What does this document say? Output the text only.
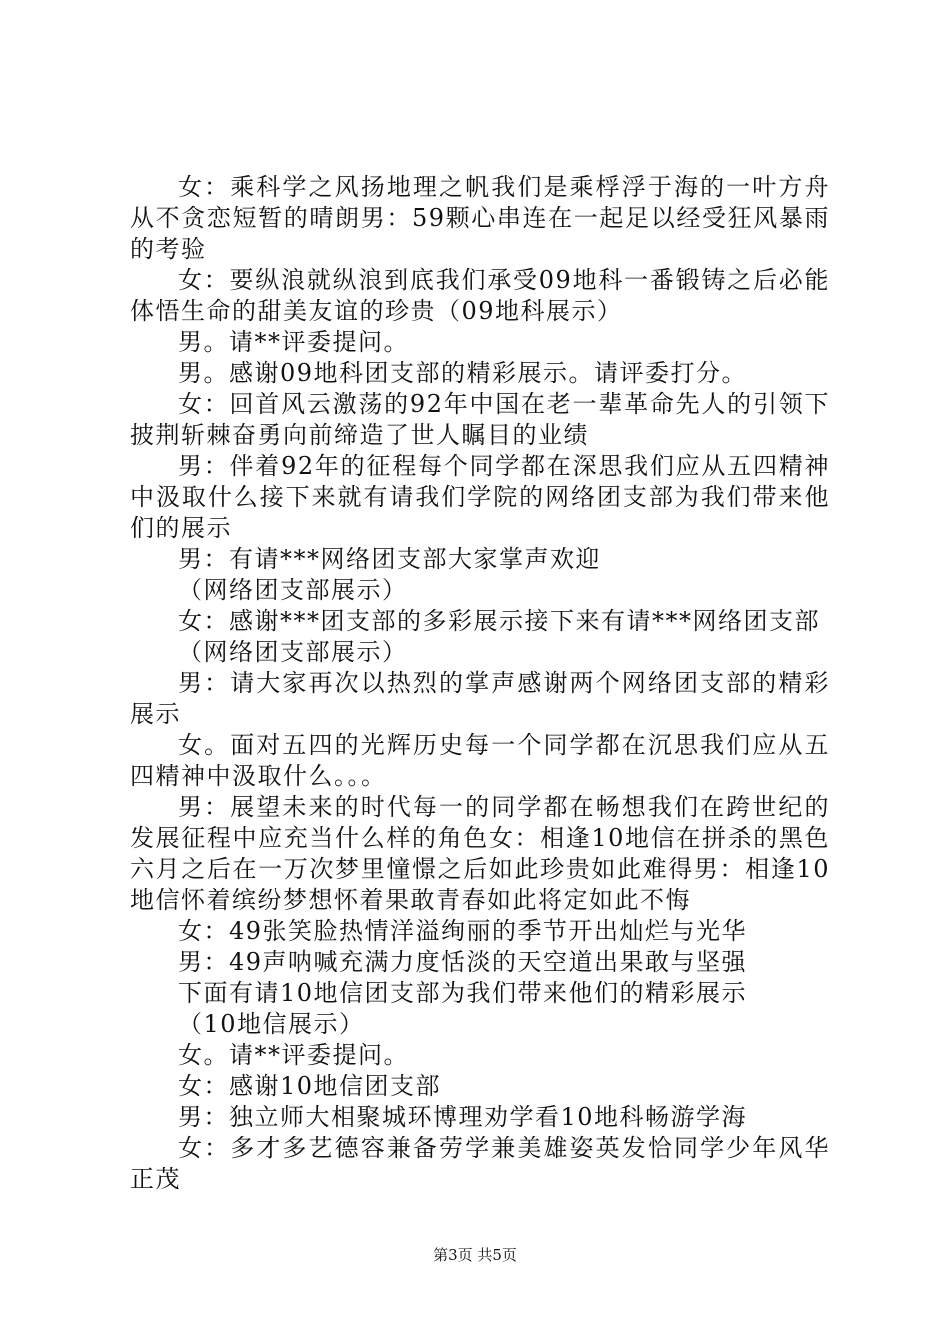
女：乘科学之风扬地理之帆我们是乘桴浮于海的一叶方舟从不贪恋短暂的晴朗男：59颗心串连在一起足以经受狂风暴雨的考验

女：要纵浪就纵浪到底我们承受09地科一番锻铸之后必能体悟生命的甜美友谊的珍贵（09地科展示）

男。请**评委提问。

男。感谢09地科团支部的精彩展示。请评委打分。

女：回首风云激荡的92年中国在老一辈革命先人的引领下披荆斩棘奋勇向前缔造了世人瞩目的业绩

男：伴着92年的征程每个同学都在深思我们应从五四精神中汲取什么接下来就有请我们学院的网络团支部为我们带来他们的展示

男：有请***网络团支部大家掌声欢迎

（网络团支部展示）

女：感谢***团支部的多彩展示接下来有请***网络团支部

（网络团支部展示）

男：请大家再次以热烈的掌声感谢两个网络团支部的精彩展示

女。面对五四的光辉历史每一个同学都在沉思我们应从五四精神中汲取什么。。。

男：展望未来的时代每一的同学都在畅想我们在跨世纪的发展征程中应充当什么样的角色女：相逢10地信在拼杀的黑色六月之后在一万次梦里憧憬之后如此珍贵如此难得男：相逢10地信怀着缤纷梦想怀着果敢青春如此将定如此不悔

女：49张笑脸热情洋溢绚丽的季节开出灿烂与光华

男：49声呐喊充满力度恬淡的天空道出果敢与坚强

下面有请10地信团支部为我们带来他们的精彩展示

（10地信展示）

女。请**评委提问。

女：感谢10地信团支部

男：独立师大相聚城环博理劝学看10地科畅游学海

女：多才多艺德容兼备劳学兼美雄姿英发恰同学少年风华正茂

第3页 共5页
